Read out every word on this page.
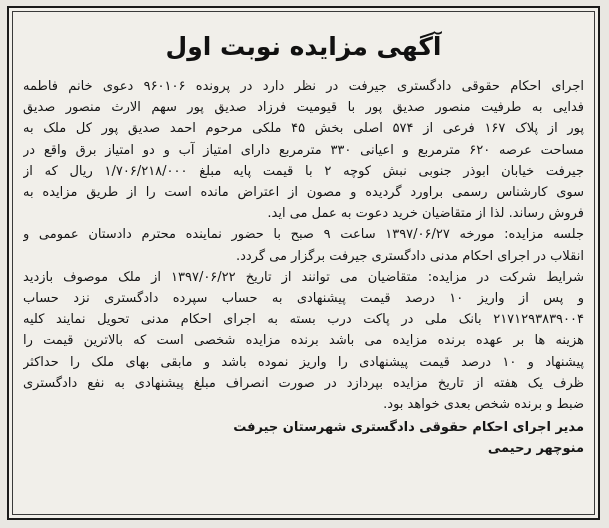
آگهی مزایده نوبت اول
اجرای احکام حقوقی دادگستری جیرفت در نظر دارد در پرونده ۹۶۰۱۰۶ دعوی خانم فاطمه
فدایی به طرفیت منصور صدیق پور با قیومیت فرزاد صدیق پور سهم الارث منصور صدیق
پور از پلاک ۱۶۷ فرعی از ۵۷۴ اصلی بخش ۴۵ ملکی مرحوم احمد صدیق پور کل ملک به
مساحت عرصه ۶۲۰ مترمربع و اعیانی ۳۳۰ مترمربع دارای امتیاز آب و دو امتیاز برق واقع در
جیرفت خیابان ابوذر جنوبی نبش کوچه ۲ با قیمت پایه مبلغ ۱/۷۰۶/۲۱۸/۰۰۰ ریال که از
سوی کارشناس رسمی براورد گردیده و مصون از اعتراض مانده است را از طریق مزایده به
فروش رساند. لذا از متقاضیان خرید دعوت به عمل می اید.
جلسه مزایده: مورخه ۱۳۹۷/۰۶/۲۷ ساعت ۹ صبح با حضور نماینده محترم دادستان عمومی و
انقلاب در اجرای احکام مدنی دادگستری جیرفت برگزار می گردد.
شرایط شرکت در مزایده: متقاضیان می توانند از تاریخ ۱۳۹۷/۰۶/۲۲ از ملک موصوف بازدید
و پس از واریز ۱۰ درصد قیمت پیشنهادی به حساب سپرده دادگستری نزد حساب
۲۱۷۱۲۹۳۸۳۹۰۰۴ بانک ملی در پاکت درب بسته به اجرای احکام مدنی تحویل نمایند کلیه
هزینه ها بر عهده برنده مزایده می باشد برنده مزایده شخصی است که بالاترین قیمت را
پیشنهاد و ۱۰ درصد قیمت پیشنهادی را واریز نموده باشد و مابقی بهای ملک را حداکثر
ظرف یک هفته از تاریخ مزایده بپردازد در صورت انصراف مبلغ پیشنهادی به نفع دادگستری
ضبط و برنده شخص بعدی خواهد بود.
مدیر اجرای احکام حقوقی دادگستری شهرستان جیرفت
منوچهر رحیمی
